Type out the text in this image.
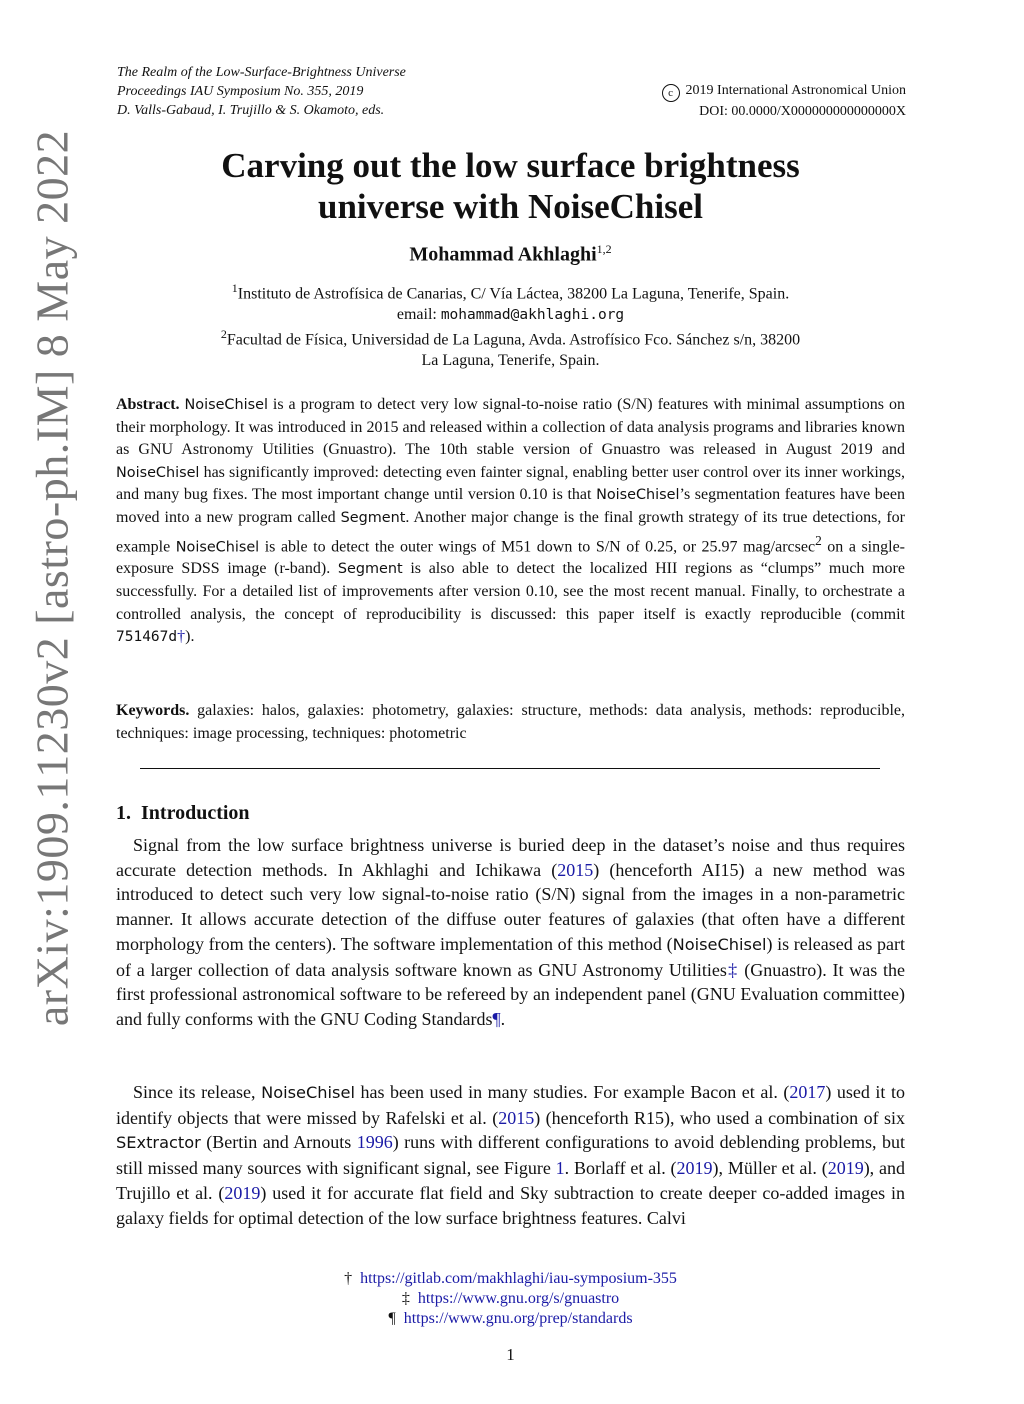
The Realm of the Low-Surface-Brightness Universe
Proceedings IAU Symposium No. 355, 2019
D. Valls-Gabaud, I. Trujillo & S. Okamoto, eds.
c 2019 International Astronomical Union
DOI: 00.0000/X000000000000000X
arXiv:1909.11230v2 [astro-ph.IM] 8 May 2022	Carving out the low surface brightness
universe with NoiseChisel
Mohammad Akhlaghi$^{1,2}$
$^1$Instituto de Astrofísica de Canarias, C/ Vía Láctea, 38200 La Laguna, Tenerife, Spain.
email: mohammad@akhlaghi.org
$^2$Facultad de Física, Universidad de La Laguna, Avda. Astrofísico Fco. Sánchez s/n, 38200
La Laguna, Tenerife, Spain.
Abstract. NoiseChisel is a program to detect very low signal-to-noise ratio (S/N) features with minimal assumptions on their morphology. It was introduced in 2015 and released within a collection of data analysis programs and libraries known as GNU Astronomy Utilities (Gnuastro). The 10th stable version of Gnuastro was released in August 2019 and NoiseChisel has significantly improved: detecting even fainter signal, enabling better user control over its inner workings, and many bug fixes. The most important change until version 0.10 is that NoiseChisel’s segmentation features have been moved into a new program called Segment. Another major change is the final growth strategy of its true detections, for example NoiseChisel is able to detect the outer wings of M51 down to S/N of 0.25, or 25.97 mag/arcsec$^2$ on a single-exposure SDSS image (r-band). Segment is also able to detect the localized HII regions as “clumps” much more successfully. For a detailed list of improvements after version 0.10, see the most recent manual. Finally, to orchestrate a controlled analysis, the concept of reproducibility is discussed: this paper itself is exactly reproducible (commit 751467d†).
Keywords. galaxies: halos, galaxies: photometry, galaxies: structure, methods: data analysis, methods: reproducible, techniques: image processing, techniques: photometric
1. Introduction
Signal from the low surface brightness universe is buried deep in the dataset’s noise and thus requires accurate detection methods. In Akhlaghi and Ichikawa (2015) (henceforth AI15) a new method was introduced to detect such very low signal-to-noise ratio (S/N) signal from the images in a non-parametric manner. It allows accurate detection of the diffuse outer features of galaxies (that often have a different morphology from the centers). The software implementation of this method (NoiseChisel) is released as part of a larger collection of data analysis software known as GNU Astronomy Utilities‡ (Gnuastro). It was the first professional astronomical software to be refereed by an independent panel (GNU Evaluation committee) and fully conforms with the GNU Coding Standards¶.
Since its release, NoiseChisel has been used in many studies. For example Bacon et al. (2017) used it to identify objects that were missed by Rafelski et al. (2015) (henceforth R15), who used a combination of six SExtractor (Bertin and Arnouts 1996) runs with different configurations to avoid deblending problems, but still missed many sources with significant signal, see Figure 1. Borlaff et al. (2019), Müller et al. (2019), and Trujillo et al. (2019) used it for accurate flat field and Sky subtraction to create deeper co-added images in galaxy fields for optimal detection of the low surface brightness features. Calvi
† https://gitlab.com/makhlaghi/iau-symposium-355
‡ https://www.gnu.org/s/gnuastro
¶ https://www.gnu.org/prep/standards
1
